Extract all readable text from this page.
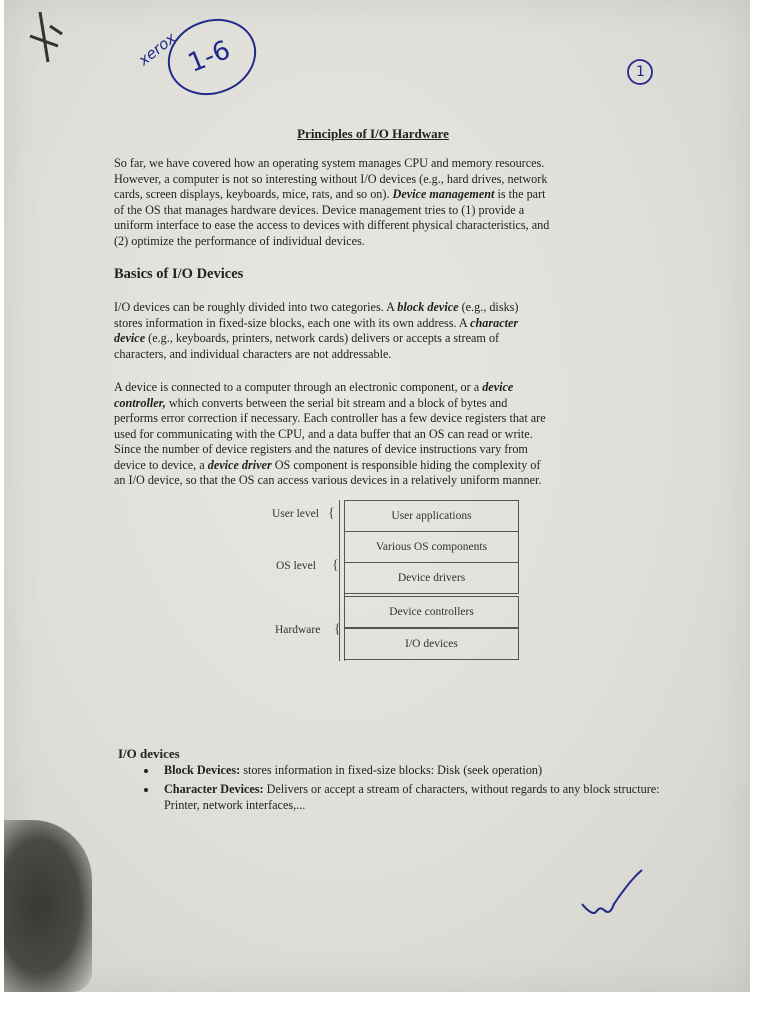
xerox 1-6	1
Principles of I/O Hardware
So far, we have covered how an operating system manages CPU and memory resources.
However, a computer is not so interesting without I/O devices (e.g., hard drives, network
cards, screen displays, keyboards, mice, rats, and so on). Device management is the part
of the OS that manages hardware devices. Device management tries to (1) provide a
uniform interface to ease the access to devices with different physical characteristics, and
(2) optimize the performance of individual devices.
Basics of I/O Devices
I/O devices can be roughly divided into two categories. A block device (e.g., disks)
stores information in fixed-size blocks, each one with its own address. A character
device (e.g., keyboards, printers, network cards) delivers or accepts a stream of
characters, and individual characters are not addressable.
A device is connected to a computer through an electronic component, or a device
controller, which converts between the serial bit stream and a block of bytes and
performs error correction if necessary. Each controller has a few device registers that are
used for communicating with the CPU, and a data buffer that an OS can read or write.
Since the number of device registers and the natures of device instructions vary from
device to device, a device driver OS component is responsible hiding the complexity of
an I/O device, so that the OS can access various devices in a relatively uniform manner.
User applications
Various OS components
Device drivers
Device controllers
I/O devices
User level {
OS level {
Hardware {
I/O devices
• Block Devices: stores information in fixed-size blocks: Disk (seek operation)
• Character Devices: Delivers or accept a stream of characters, without regards to any block structure: Printer, network interfaces,...
